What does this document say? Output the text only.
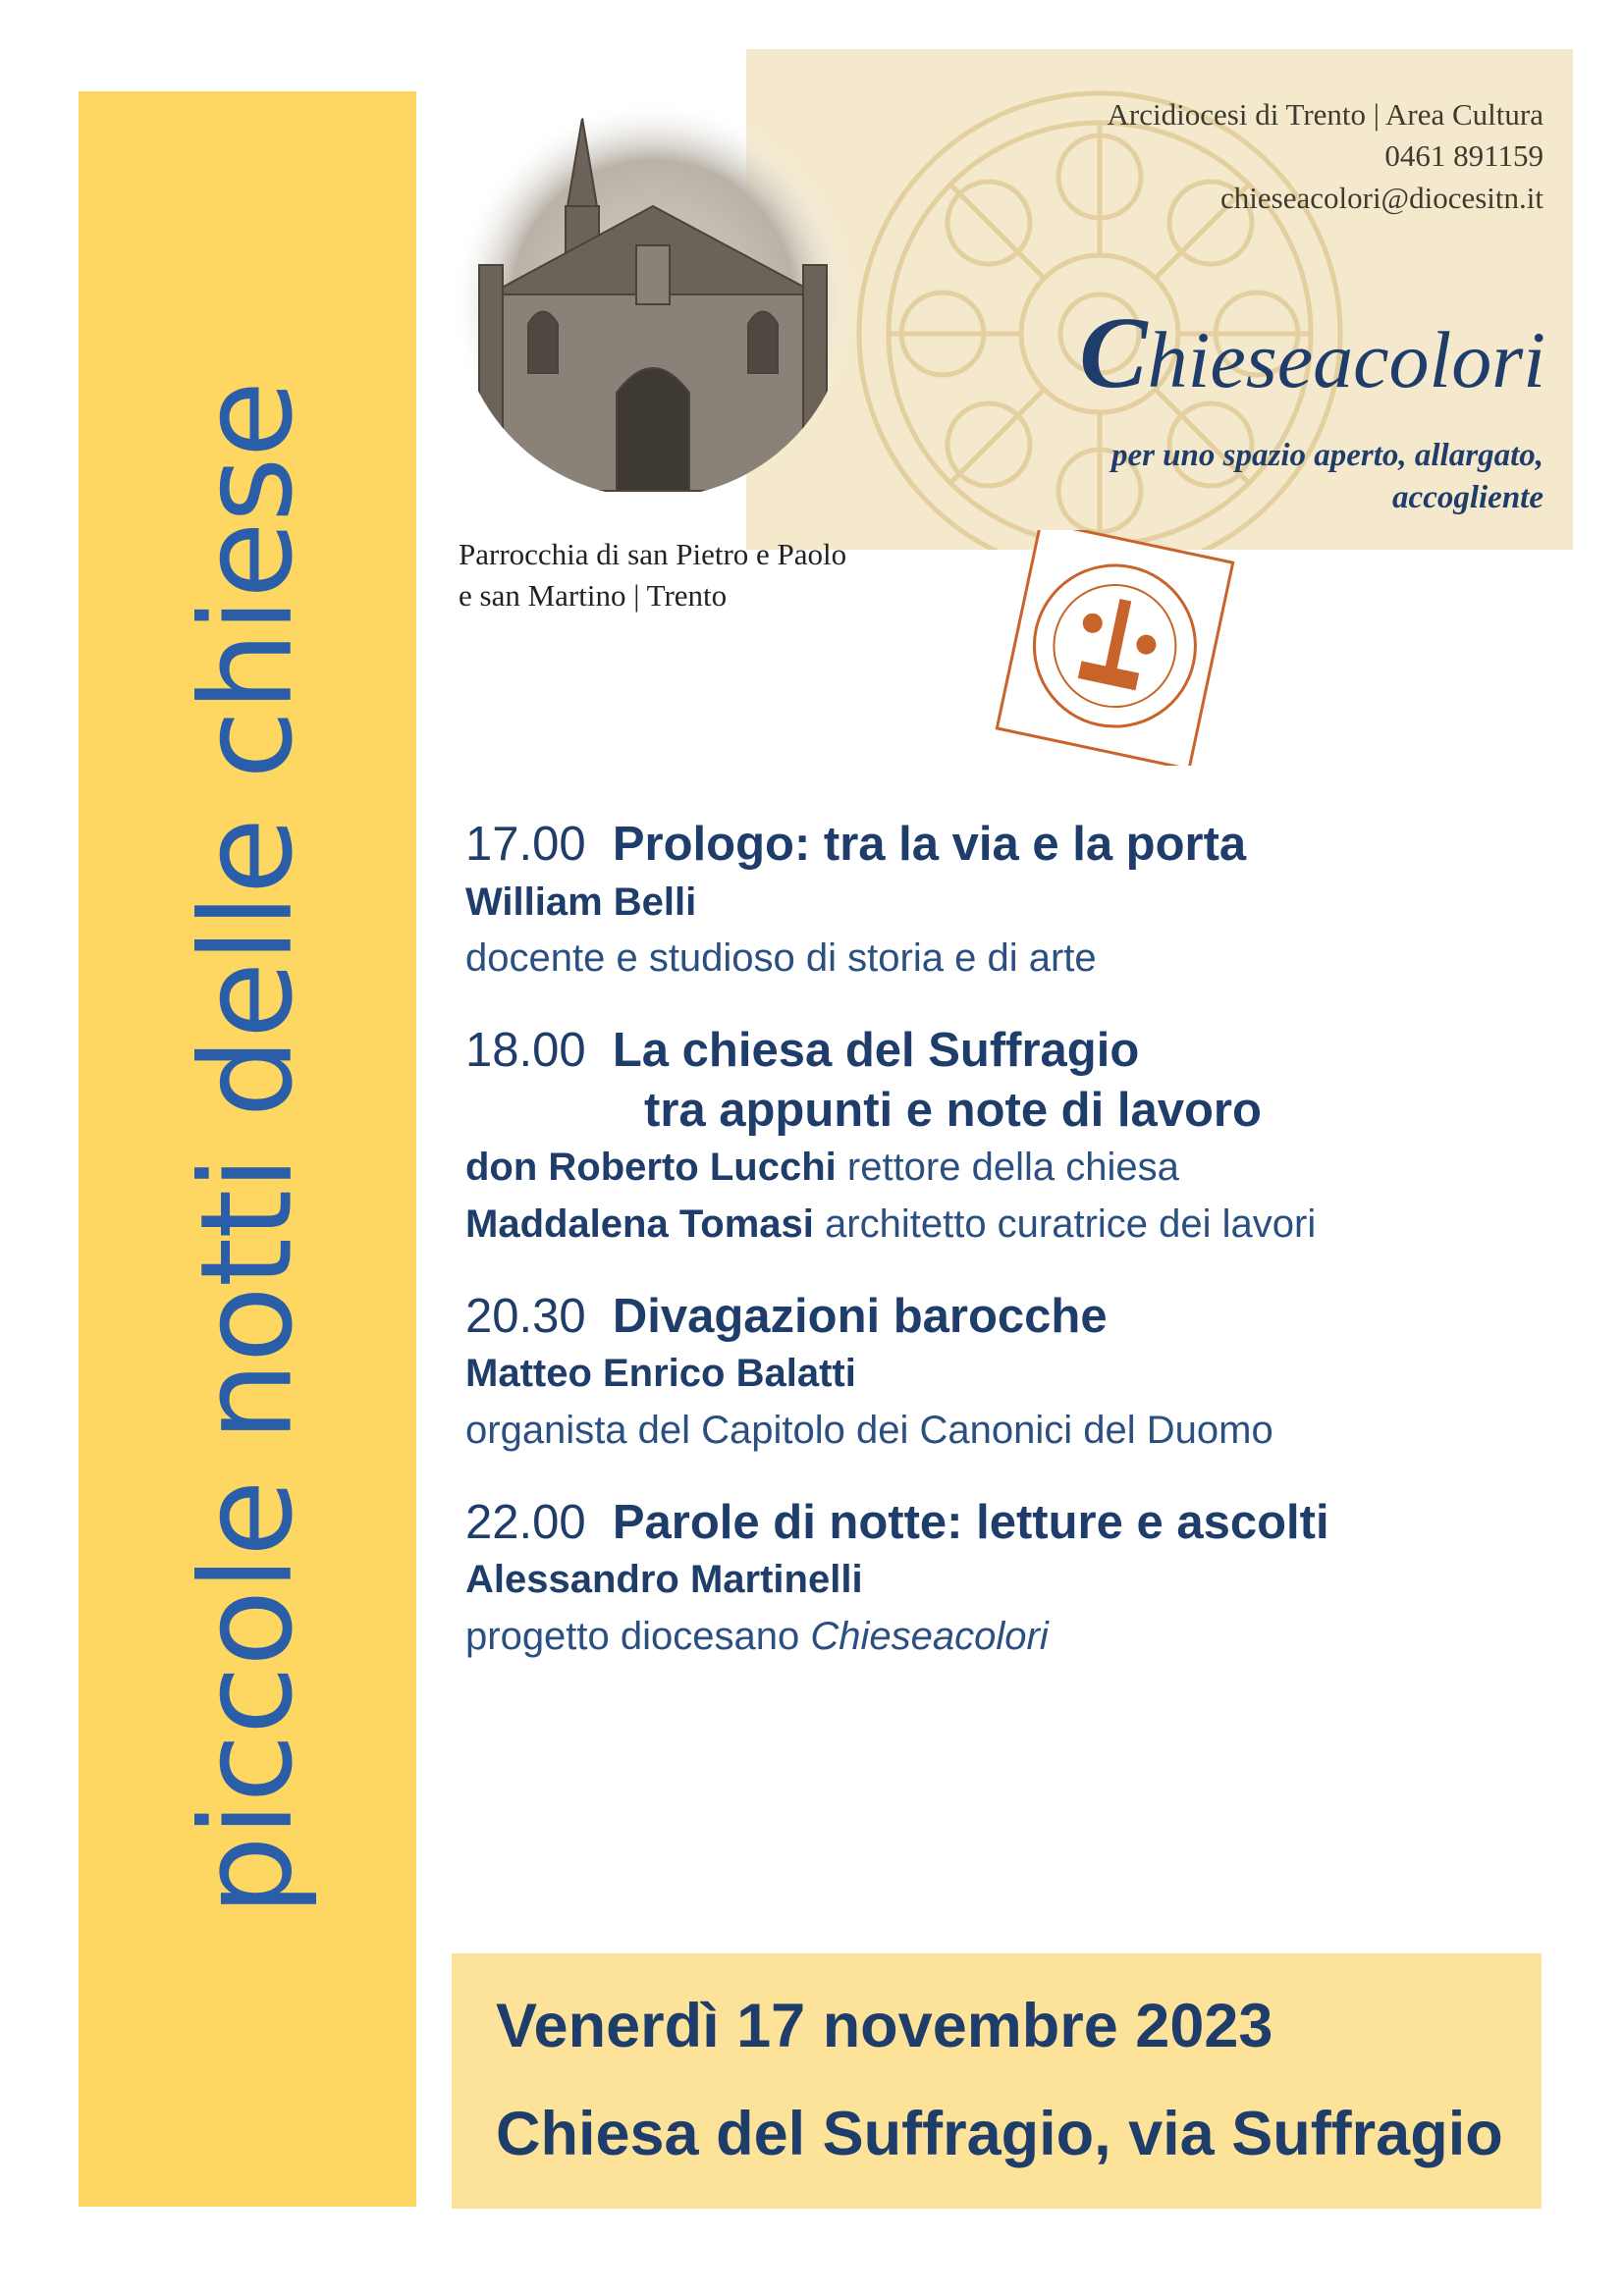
piccole notti delle chiese
Arcidiocesi di Trento | Area Cultura
0461 891159
chieseacolori@diocesitn.it
Chieseacolori
per uno spazio aperto, allargato,
accogliente
Parrocchia di san Pietro e Paolo
e san Martino | Trento
17.00 Prologo: tra la via e la porta
William Belli
docente e studioso di storia e di arte
18.00 La chiesa del Suffragio
tra appunti e note di lavoro
don Roberto Lucchi rettore della chiesa
Maddalena Tomasi architetto curatrice dei lavori
20.30 Divagazioni barocche
Matteo Enrico Balatti
organista del Capitolo dei Canonici del Duomo
22.00 Parole di notte: letture e ascolti
Alessandro Martinelli
progetto diocesano Chieseacolori
Venerdì 17 novembre 2023
Chiesa del Suffragio, via Suffragio
